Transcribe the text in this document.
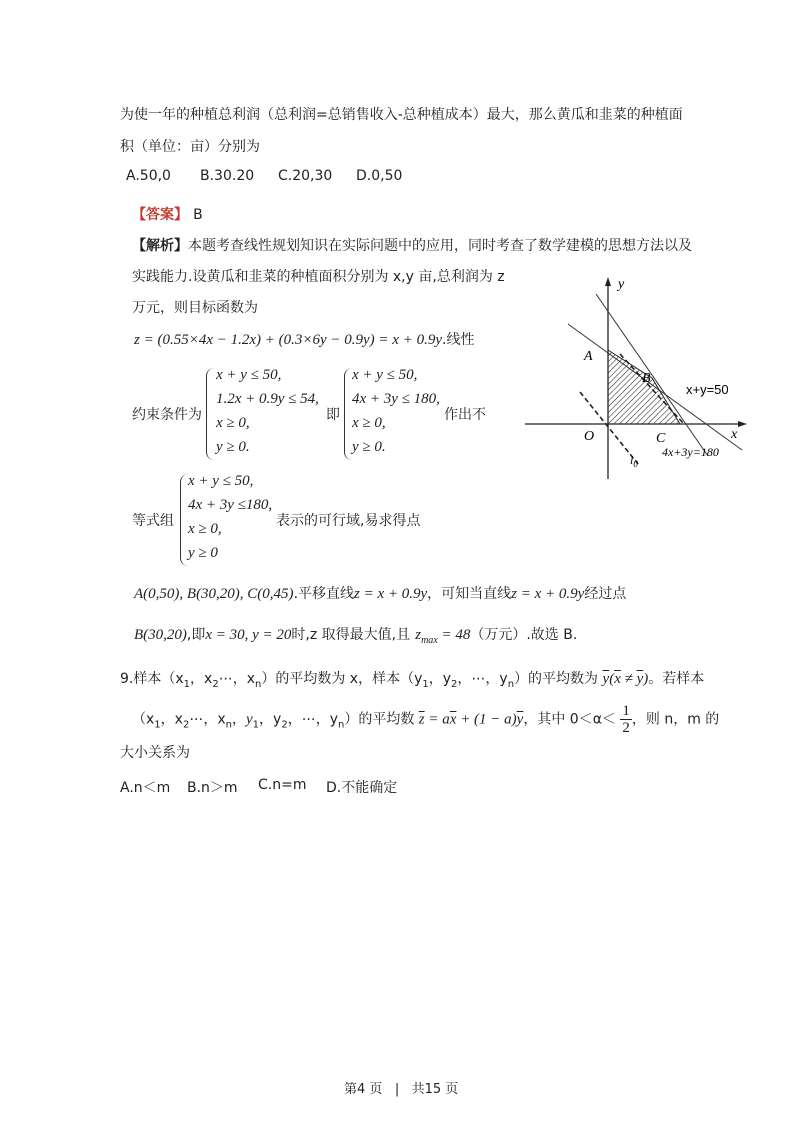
为使一年的种植总利润（总利润=总销售收入-总种植成本）最大，那么黄瓜和韭菜的种植面
积（单位：亩）分别为
A.50,0 B.30.20 C.20,30 D.0,50
【答案】 B
【解析】本题考查线性规划知识在实际问题中的应用，同时考查了数学建模的思想方法以及
实践能力.设黄瓜和韭菜的种植面积分别为 x,y 亩,总利润为 z
万元，则目标函数为
z = (0.55×4x − 1.2x) + (0.3×6y − 0.9y) = x + 0.9y.线性
约束条件为
x + y ≤ 50,
1.2x + 0.9y ≤ 54,
x ≥ 0,
y ≥ 0.
即
x + y ≤ 50,
4x + 3y ≤ 180,
x ≥ 0,
y ≥ 0.
作出不
等式组
x + y ≤ 50,
4x + 3y ≤180,
x ≥ 0,
y ≥ 0
表示的可行域,易求得点
A(0,50), B(30,20), C(0,45).平移直线z = x + 0.9y，可知当直线z = x + 0.9y经过点
B(30,20),即x = 30, y = 20时,z 取得最大值,且 $z_{max} = 48$（万元）.故选 B.
y
x
O
A
B
C
$l_0$
x+y=50
4x+3y=180
9.样本（$x_1$，$x_2\cdots$，$x_n$）的平均数为 x，样本（$y_1$，$y_2$，⋯，$y_n$）的平均数为 $\overline{y}(\overline{x} \ne \overline{y})$。若样本
（$x_1$，$x_2\cdots$，$x_n$，$y_1$，$y_2$，⋯，$y_n$）的平均数 $\overline{z} = a\overline{x} + (1 - a)\overline{y}$，其中 $0<\alpha< \frac{1}{2}$ ，则 n，m 的
大小关系为
A.n＜m B.n＞m C.n=m D.不能确定
第4 页 | 共15 页
